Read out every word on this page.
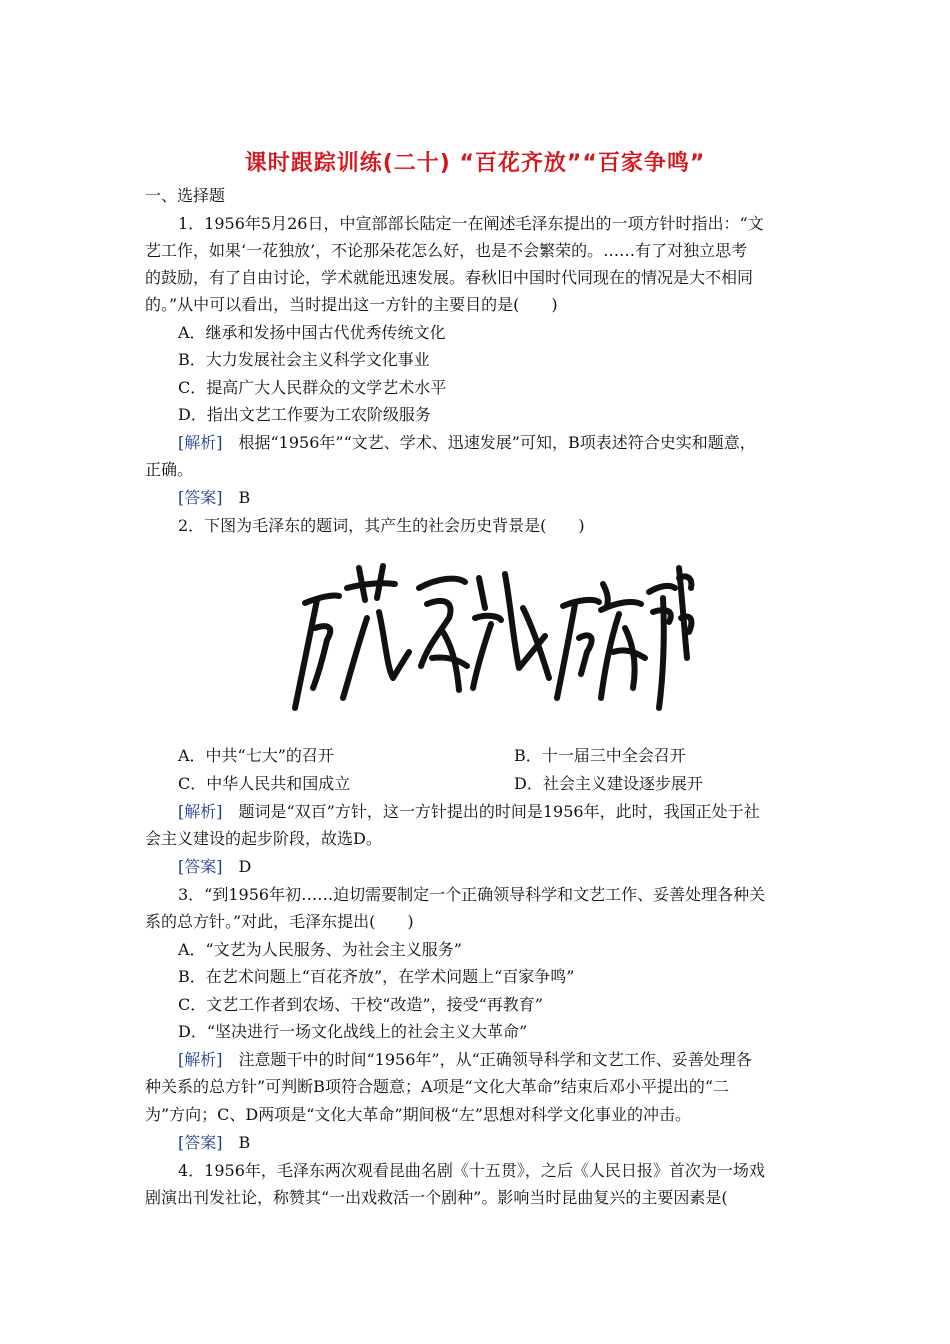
课时跟踪训练(二十) “百花齐放”“百家争鸣”
一、选择题
1．1956年5月26日，中宣部部长陆定一在阐述毛泽东提出的一项方针时指出：“文
艺工作，如果‘一花独放’，不论那朵花怎么好，也是不会繁荣的。……有了对独立思考
的鼓励，有了自由讨论，学术就能迅速发展。春秋旧中国时代同现在的情况是大不相同
的。”从中可以看出，当时提出这一方针的主要目的是(　　)
A．继承和发扬中国古代优秀传统文化
B．大力发展社会主义科学文化事业
C．提高广大人民群众的文学艺术水平
D．指出文艺工作要为工农阶级服务
[解析]　根据“1956年”“文艺、学术、迅速发展”可知，B项表述符合史实和题意，
正确。
[答案]　B
2．下图为毛泽东的题词，其产生的社会历史背景是(　　)
A．中共“七大”的召开	B．十一届三中全会召开
C．中华人民共和国成立	D．社会主义建设逐步展开
[解析]　题词是“双百”方针，这一方针提出的时间是1956年，此时，我国正处于社
会主义建设的起步阶段，故选D。
[答案]　D
3．“到1956年初……迫切需要制定一个正确领导科学和文艺工作、妥善处理各种关
系的总方针。”对此，毛泽东提出(　　)
A．“文艺为人民服务、为社会主义服务”
B．在艺术问题上“百花齐放”，在学术问题上“百家争鸣”
C．文艺工作者到农场、干校“改造”，接受“再教育”
D．“坚决进行一场文化战线上的社会主义大革命”
[解析]　注意题干中的时间“1956年”，从“正确领导科学和文艺工作、妥善处理各
种关系的总方针”可判断B项符合题意；A项是“文化大革命”结束后邓小平提出的“二
为”方向；C、D两项是“文化大革命”期间极“左”思想对科学文化事业的冲击。
[答案]　B
4．1956年，毛泽东两次观看昆曲名剧《十五贯》，之后《人民日报》首次为一场戏
剧演出刊发社论，称赞其“一出戏救活一个剧种”。影响当时昆曲复兴的主要因素是(
